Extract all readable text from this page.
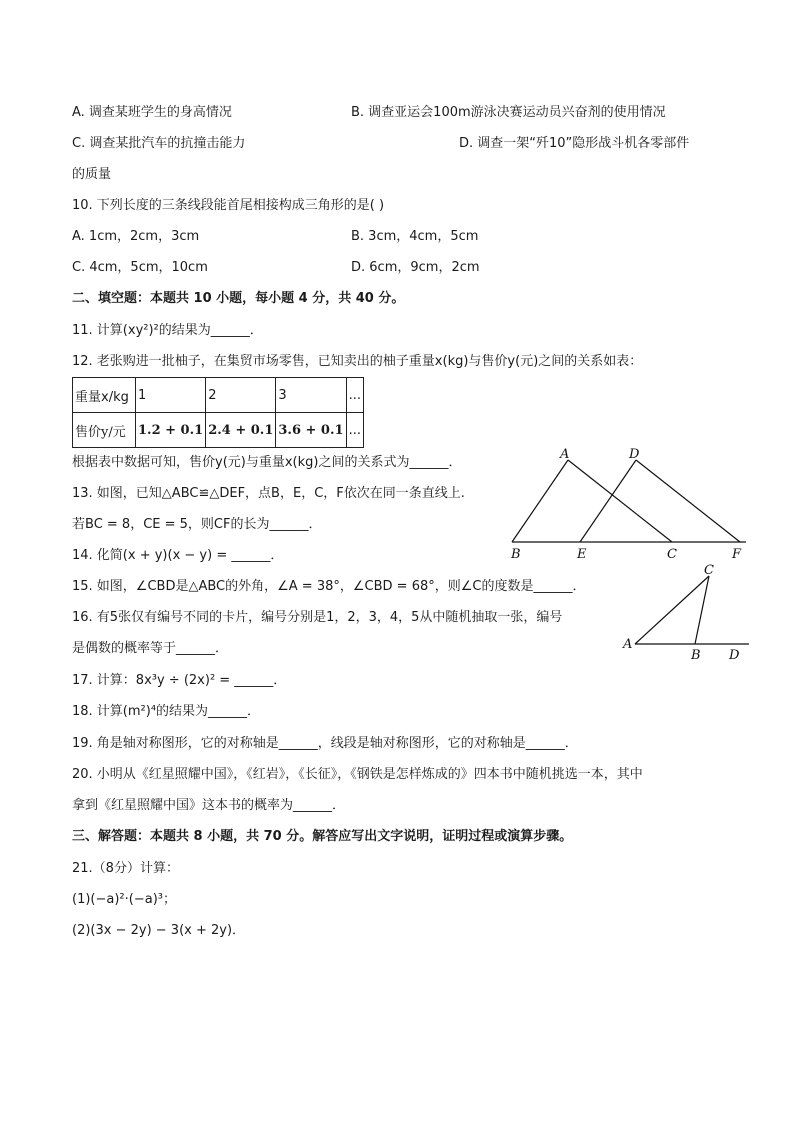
A. 调查某班学生的身高情况	B. 调查亚运会100m游泳决赛运动员兴奋剂的使用情况
C. 调查某批汽车的抗撞击能力	D. 调查一架“歼10”隐形战斗机各零部件
的质量
10. 下列长度的三条线段能首尾相接构成三角形的是( )
A. 1cm，2cm，3cm	B. 3cm，4cm，5cm
C. 4cm，5cm，10cm	D. 6cm，9cm，2cm
二、填空题：本题共 10 小题，每小题 4 分，共 40 分。
11. 计算(xy²)²的结果为______．
12. 老张购进一批柚子，在集贸市场零售，已知卖出的柚子重量x(kg)与售价y(元)之间的关系如表：
重量x/kg	1	2	3	...
售价y/元	1.2 + 0.1	2.4 + 0.1	3.6 + 0.1	...
根据表中数据可知，售价y(元)与重量x(kg)之间的关系式为______．
13. 如图，已知△ABC≌△DEF，点B，E，C，F依次在同一条直线上.
若BC = 8，CE = 5，则CF的长为______．
A	D
B	E	C	F
14. 化简(x + y)(x − y) = ______．
15. 如图，∠CBD是△ABC的外角，∠A = 38°，∠CBD = 68°，则∠C的度数是______．
16. 有5张仅有编号不同的卡片，编号分别是1，2，3，4，5从中随机抽取一张，编号
是偶数的概率等于______．
C
A
B D
17. 计算：8x³y ÷ (2x)² = ______．
18. 计算(m²)⁴的结果为______．
19. 角是轴对称图形，它的对称轴是______，线段是轴对称图形，它的对称轴是______．
20. 小明从《红星照耀中国》，《红岩》，《长征》，《钢铁是怎样炼成的》四本书中随机挑选一本，其中
拿到《红星照耀中国》这本书的概率为______．
三、解答题：本题共 8 小题，共 70 分。解答应写出文字说明，证明过程或演算步骤。
21.（8分）计算：
(1)(−a)²·(−a)³；
(2)(3x − 2y) − 3(x + 2y)．
